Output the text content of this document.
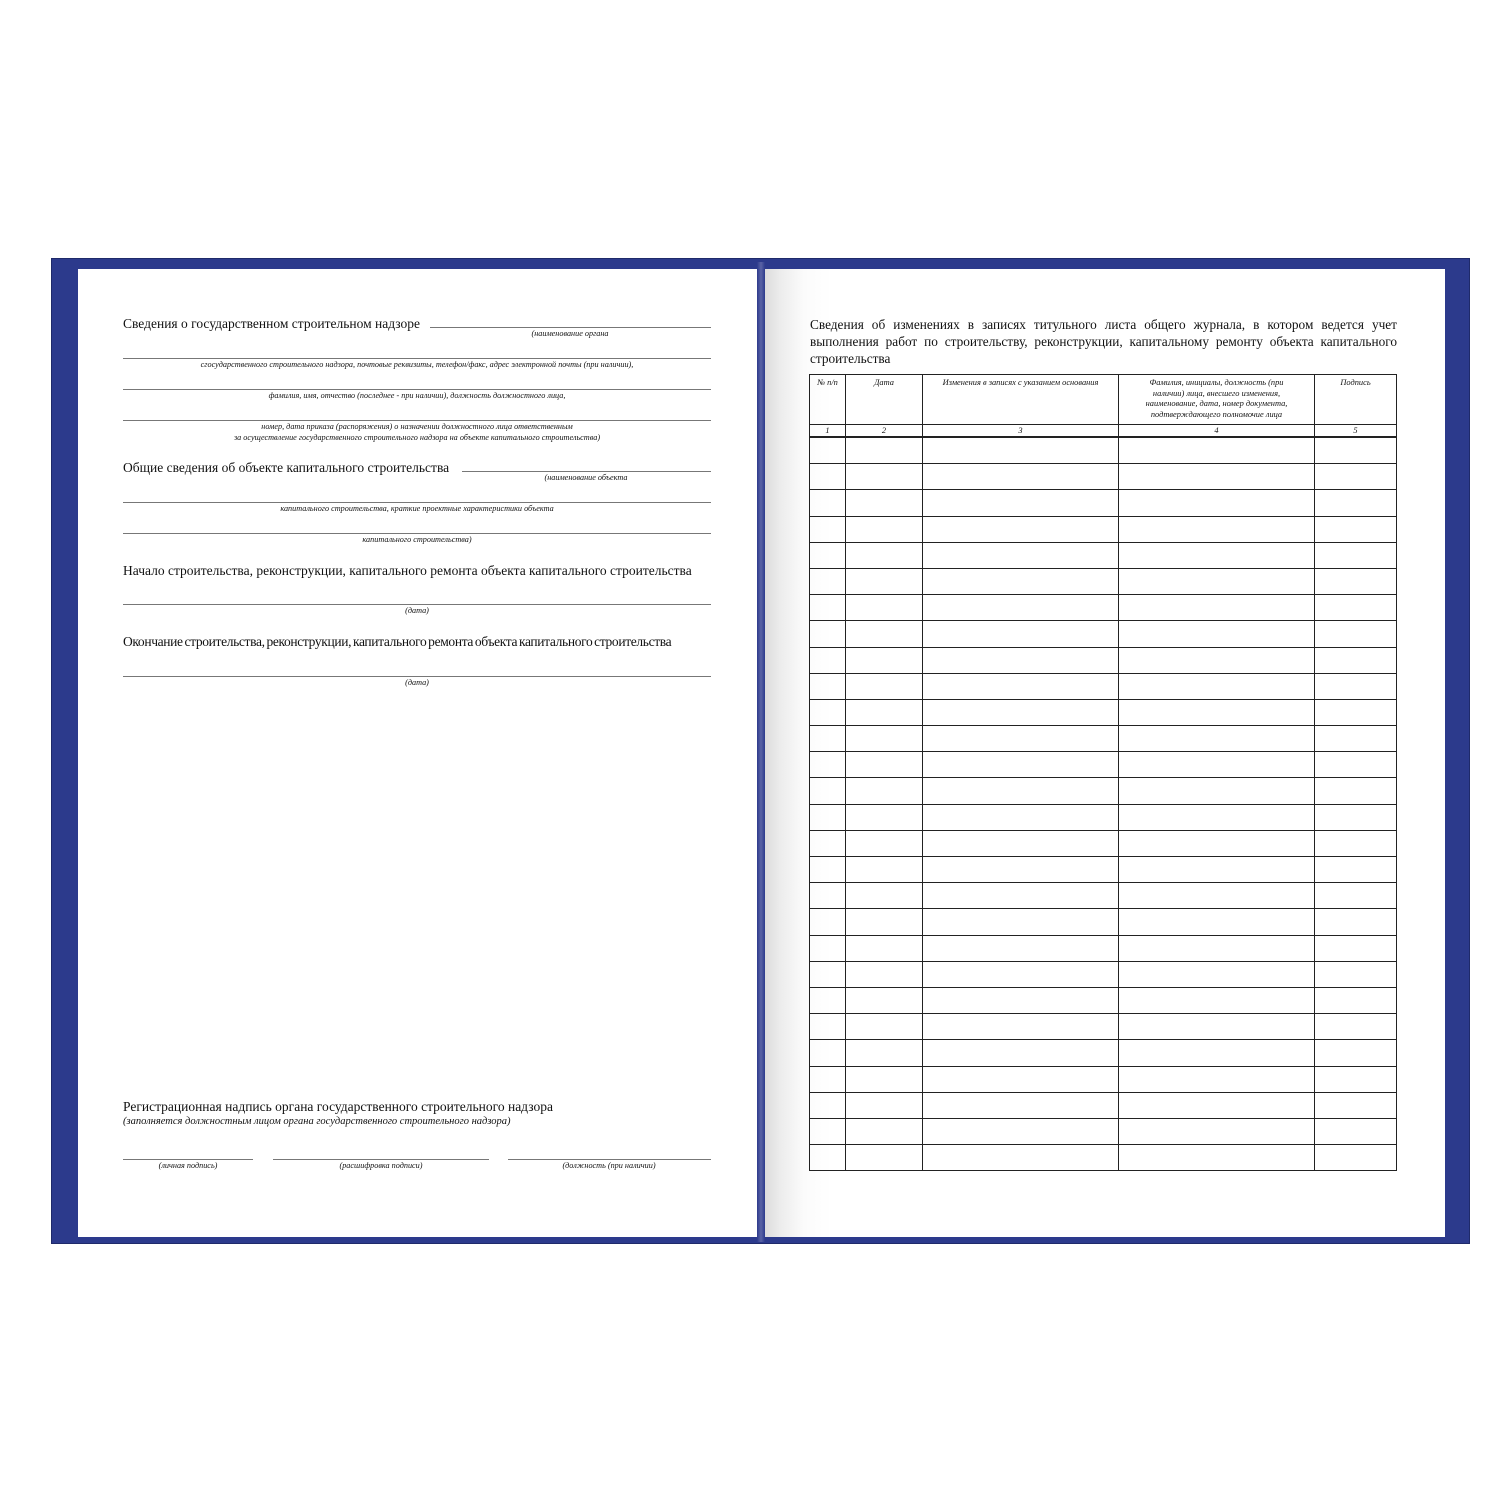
Сведения о государственном строительном надзоре
(наименование органа
сгосударственного строительного надзора, почтовые реквизиты, телефон/факс, адрес электронной почты (при наличии),
фамилия, имя, отчество (последнее - при наличии), должность должностного лица,
номер, дата приказа (распоряжения) о назначении должностного лица ответственным
за осуществление государственного строительного надзора на объекте капитального строительства)
Общие сведения об объекте капитального строительства
(наименование объекта
капитального строительства, краткие проектные характеристики объекта
капитального строительства)
Начало строительства, реконструкции, капитального ремонта объекта капитального строительства
(дата)
Окончание строительства, реконструкции, капитального ремонта объекта капитального строительства
(дата)
Регистрационная надпись органа государственного строительного надзора
(заполняется должностным лицом органа государственного строительного надзора)
(личная подпись)	(расшифровка подписи)	(должность (при наличии)
Сведения об изменениях в записях титульного листа общего журнала, в котором ведется учет выполнения работ по строительству, реконструкции, капитальному ремонту объекта капитального строительства
№ п/п	Дата	Изменения в записях с указанием основания	Фамилия, инициалы, должность (при наличии) лица, внесшего изменения, наименование, дата, номер документа, подтверждающего полномочие лица	Подпись
1	2	3	4	5
